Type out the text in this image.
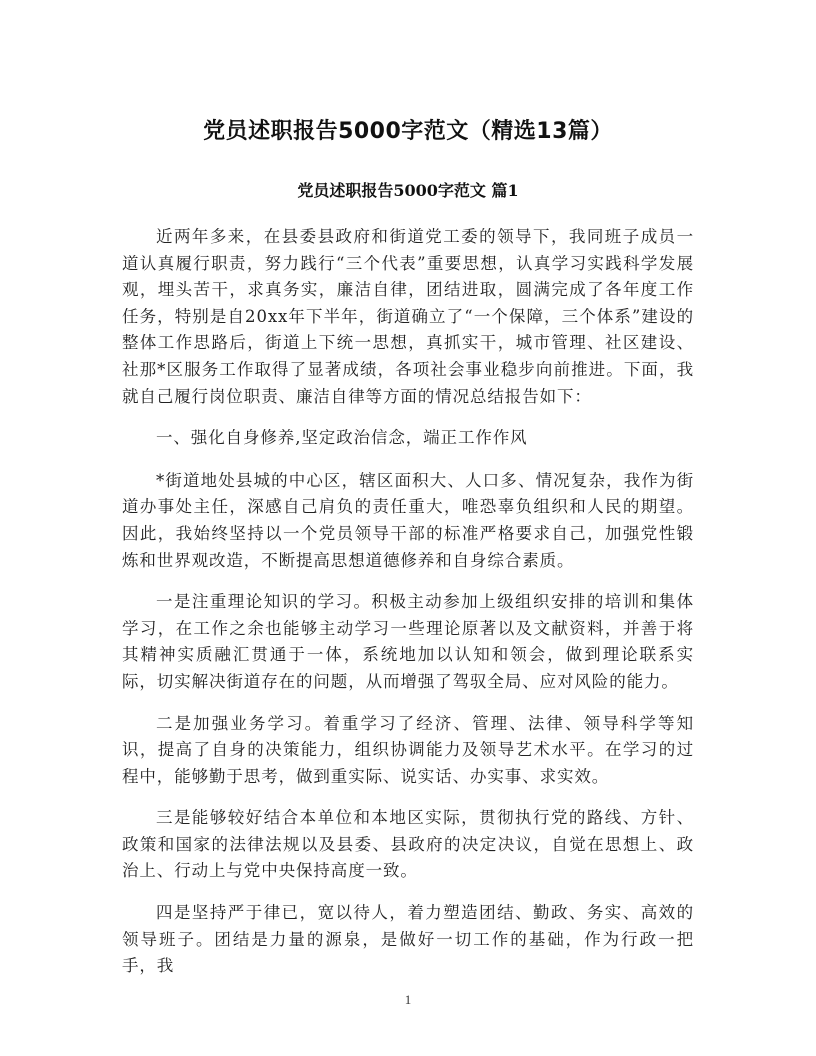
党员述职报告5000字范文（精选13篇）
党员述职报告5000字范文 篇1

近两年多来，在县委县政府和街道党工委的领导下，我同班子成员一道认真履行职责，努力践行“三个代表”重要思想，认真学习实践科学发展观，埋头苦干，求真务实，廉洁自律，团结进取，圆满完成了各年度工作任务，特别是自20xx年下半年，街道确立了“一个保障，三个体系”建设的整体工作思路后，街道上下统一思想，真抓实干，城市管理、社区建设、社那*区服务工作取得了显著成绩，各项社会事业稳步向前推进。下面，我就自己履行岗位职责、廉洁自律等方面的情况总结报告如下：

一、强化自身修养,坚定政治信念，端正工作作风

*街道地处县城的中心区，辖区面积大、人口多、情况复杂，我作为街道办事处主任，深感自己肩负的责任重大，唯恐辜负组织和人民的期望。因此，我始终坚持以一个党员领导干部的标准严格要求自己，加强党性锻炼和世界观改造，不断提高思想道德修养和自身综合素质。

一是注重理论知识的学习。积极主动参加上级组织安排的培训和集体学习，在工作之余也能够主动学习一些理论原著以及文献资料，并善于将其精神实质融汇贯通于一体，系统地加以认知和领会，做到理论联系实际，切实解决街道存在的问题，从而增强了驾驭全局、应对风险的能力。

二是加强业务学习。着重学习了经济、管理、法律、领导科学等知识，提高了自身的决策能力，组织协调能力及领导艺术水平。在学习的过程中，能够勤于思考，做到重实际、说实话、办实事、求实效。

三是能够较好结合本单位和本地区实际，贯彻执行党的路线、方针、政策和国家的法律法规以及县委、县政府的决定决议，自觉在思想上、政治上、行动上与党中央保持高度一致。

四是坚持严于律已，宽以待人，着力塑造团结、勤政、务实、高效的领导班子。团结是力量的源泉，是做好一切工作的基础，作为行政一把手，我

1
